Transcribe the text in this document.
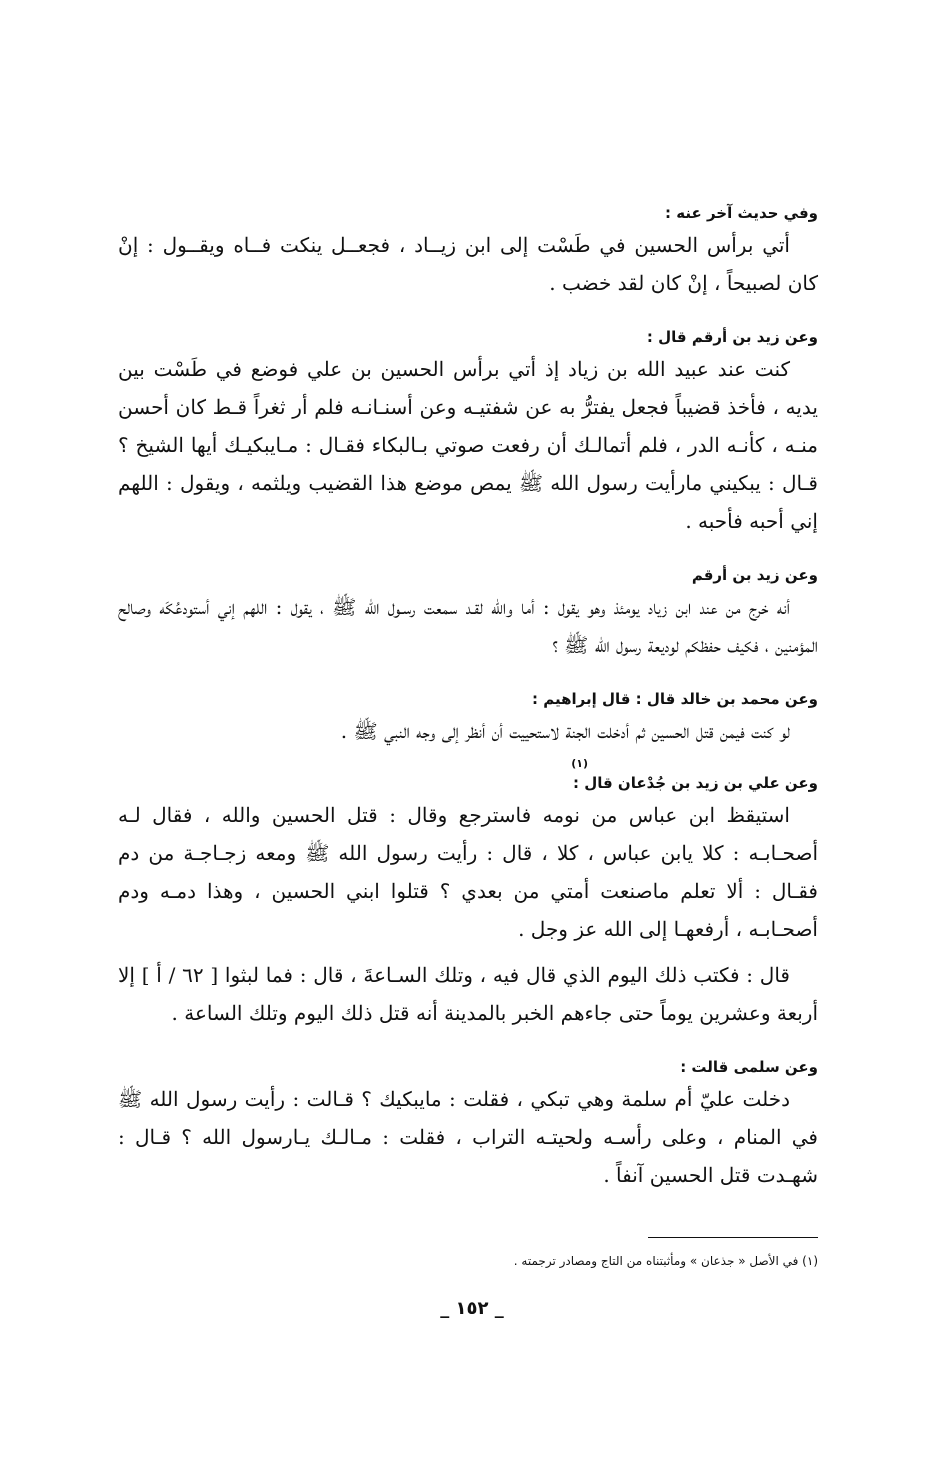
وفي حديث آخر عنه :

أتي برأس الحسين في طَسْت إلى ابن زيــاد ، فجعــل ينكت فــاه ويقــول : إنْ كان لصبيحاً ، إنْ كان لقد خضب .

وعن زيد بن أرقم قال :

كنت عند عبيد الله بن زياد إذ أتي برأس الحسين بن علي فوضع في طَسْت بين يديه ، فأخذ قضيباً فجعل يفترُّ به عن شفتيـه وعن أسنـانـه فلم أر ثغراً قـط كان أحسن منـه ، كأنـه الدر ، فلم أتمالـك أن رفعت صوتي بـالبكاء فقـال : مـايبكيـك أيها الشيخ ؟ قـال : يبكيني مارأيت رسول الله ﷺ يمص موضع هذا القضيب ويلثمه ، ويقول : اللهم إني أحبه فأحبه .

وعن زيد بن أرقم

أنه خرج من عند ابن زياد يومئذ وهو يقول : أما والله لقـد سمعت رسـول الله ﷺ ، يقول : اللهم إني أستودعُكَه وصالح المؤمنين ، فكيف حفظكم لوديعة رسول الله ﷺ ؟

وعن محمد بن خالد قال : قال إبراهيم :

لو كنت فيمن قتل الحسين ثم أدخلت الجنة لاستحييت أن أنظر إلى وجه النبي ﷺ .

(١)

وعن علي بن زيد بن جُدْعان قال :

استيقظ ابن عباس من نومه فاسترجع وقال : قتل الحسين والله ، فقال لـه أصحـابـه : كلا يابن عباس ، كلا ، قال : رأيت رسول الله ﷺ ومعه زجـاجـة من دم فقـال : ألا تعلم ماصنعت أمتي من بعدي ؟ قتلوا ابني الحسين ، وهذا دمـه ودم أصحـابـه ، أرفعهـا إلى الله عز وجل .

قال : فكتب ذلك اليوم الذي قال فيه ، وتلك السـاعةَ ، قال : فما لبثوا [ ٦٢ / أ ] إلا أربعة وعشرين يوماً حتى جاءهم الخبر بالمدينة أنه قتل ذلك اليوم وتلك الساعة .

وعن سلمى قالت :

دخلت عليّ أم سلمة وهي تبكي ، فقلت : مايبكيك ؟ قـالت : رأيت رسول الله ﷺ في المنام ، وعلى رأسـه ولحيتـه التراب ، فقلت : مـالـك يـارسول الله ؟ قـال : شهـدت قتل الحسين آنفاً .

(١) في الأصل « جذعان » ومأثبتناه من التاج ومصادر ترجمته .
_ ١٥٢ _
